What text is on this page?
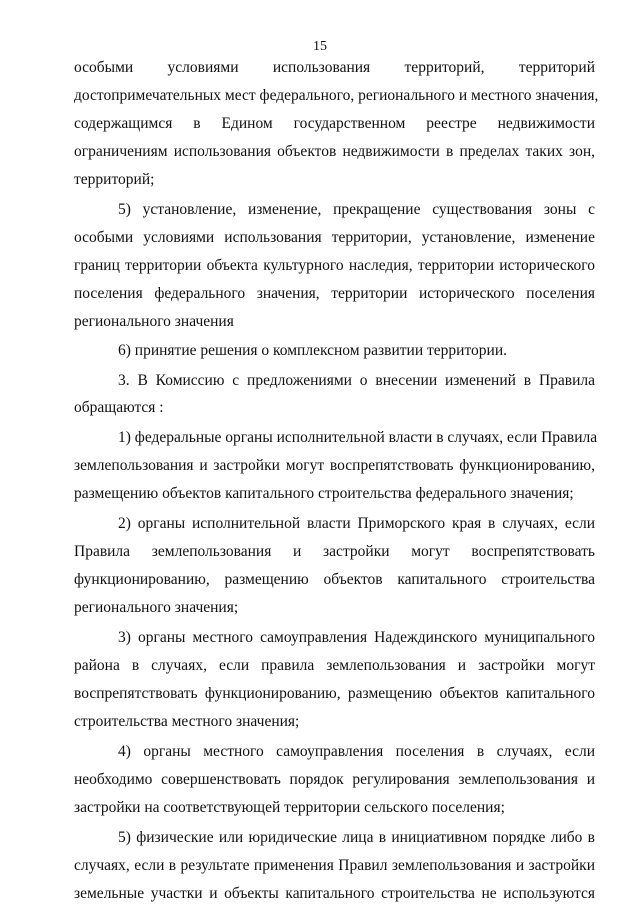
15
особыми условиями использования территорий, территорий
достопримечательных мест федерального, регионального и местного значения,
содержащимся в Едином государственном реестре недвижимости
ограничениям использования объектов недвижимости в пределах таких зон,
территорий;
5) установление, изменение, прекращение существования зоны с
особыми условиями использования территории, установление, изменение
границ территории объекта культурного наследия, территории исторического
поселения федерального значения, территории исторического поселения
регионального значения
6) принятие решения о комплексном развитии территории.
3. В Комиссию с предложениями о внесении изменений в Правила
обращаются :
1) федеральные органы исполнительной власти в случаях, если Правила
землепользования и застройки могут воспрепятствовать функционированию,
размещению объектов капитального строительства федерального значения;
2) органы исполнительной власти Приморского края в случаях, если
Правила землепользования и застройки могут воспрепятствовать
функционированию, размещению объектов капитального строительства
регионального значения;
3) органы местного самоуправления Надеждинского муниципального
района в случаях, если правила землепользования и застройки могут
воспрепятствовать функционированию, размещению объектов капитального
строительства местного значения;
4) органы местного самоуправления поселения в случаях, если
необходимо совершенствовать порядок регулирования землепользования и
застройки на соответствующей территории сельского поселения;
5) физические или юридические лица в инициативном порядке либо в
случаях, если в результате применения Правил землепользования и застройки
земельные участки и объекты капитального строительства не используются
